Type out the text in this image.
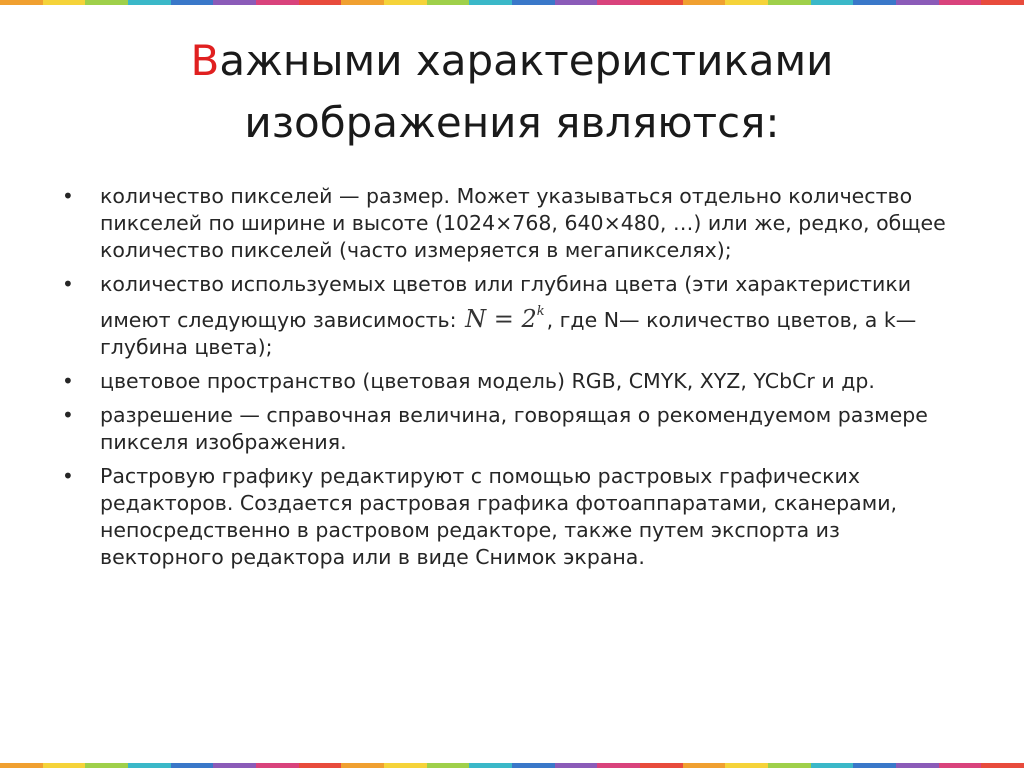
Важными характеристиками
изображения являются:
• количество пикселей — размер. Может указываться отдельно количество пикселей по ширине и высоте (1024×768, 640×480, …) или же, редко, общее количество пикселей (часто измеряется в мегапикселях);
• количество используемых цветов или глубина цвета (эти характеристики имеют следующую зависимость: $N = 2^k$, где N— количество цветов, а k— глубина цвета);
• цветовое пространство (цветовая модель) RGB, CMYK, XYZ, YCbCr и др.
• разрешение — справочная величина, говорящая о рекомендуемом размере пикселя изображения.
• Растровую графику редактируют с помощью растровых графических редакторов. Создается растровая графика фотоаппаратами, сканерами, непосредственно в растровом редакторе, также путем экспорта из векторного редактора или в виде Снимок экрана.
